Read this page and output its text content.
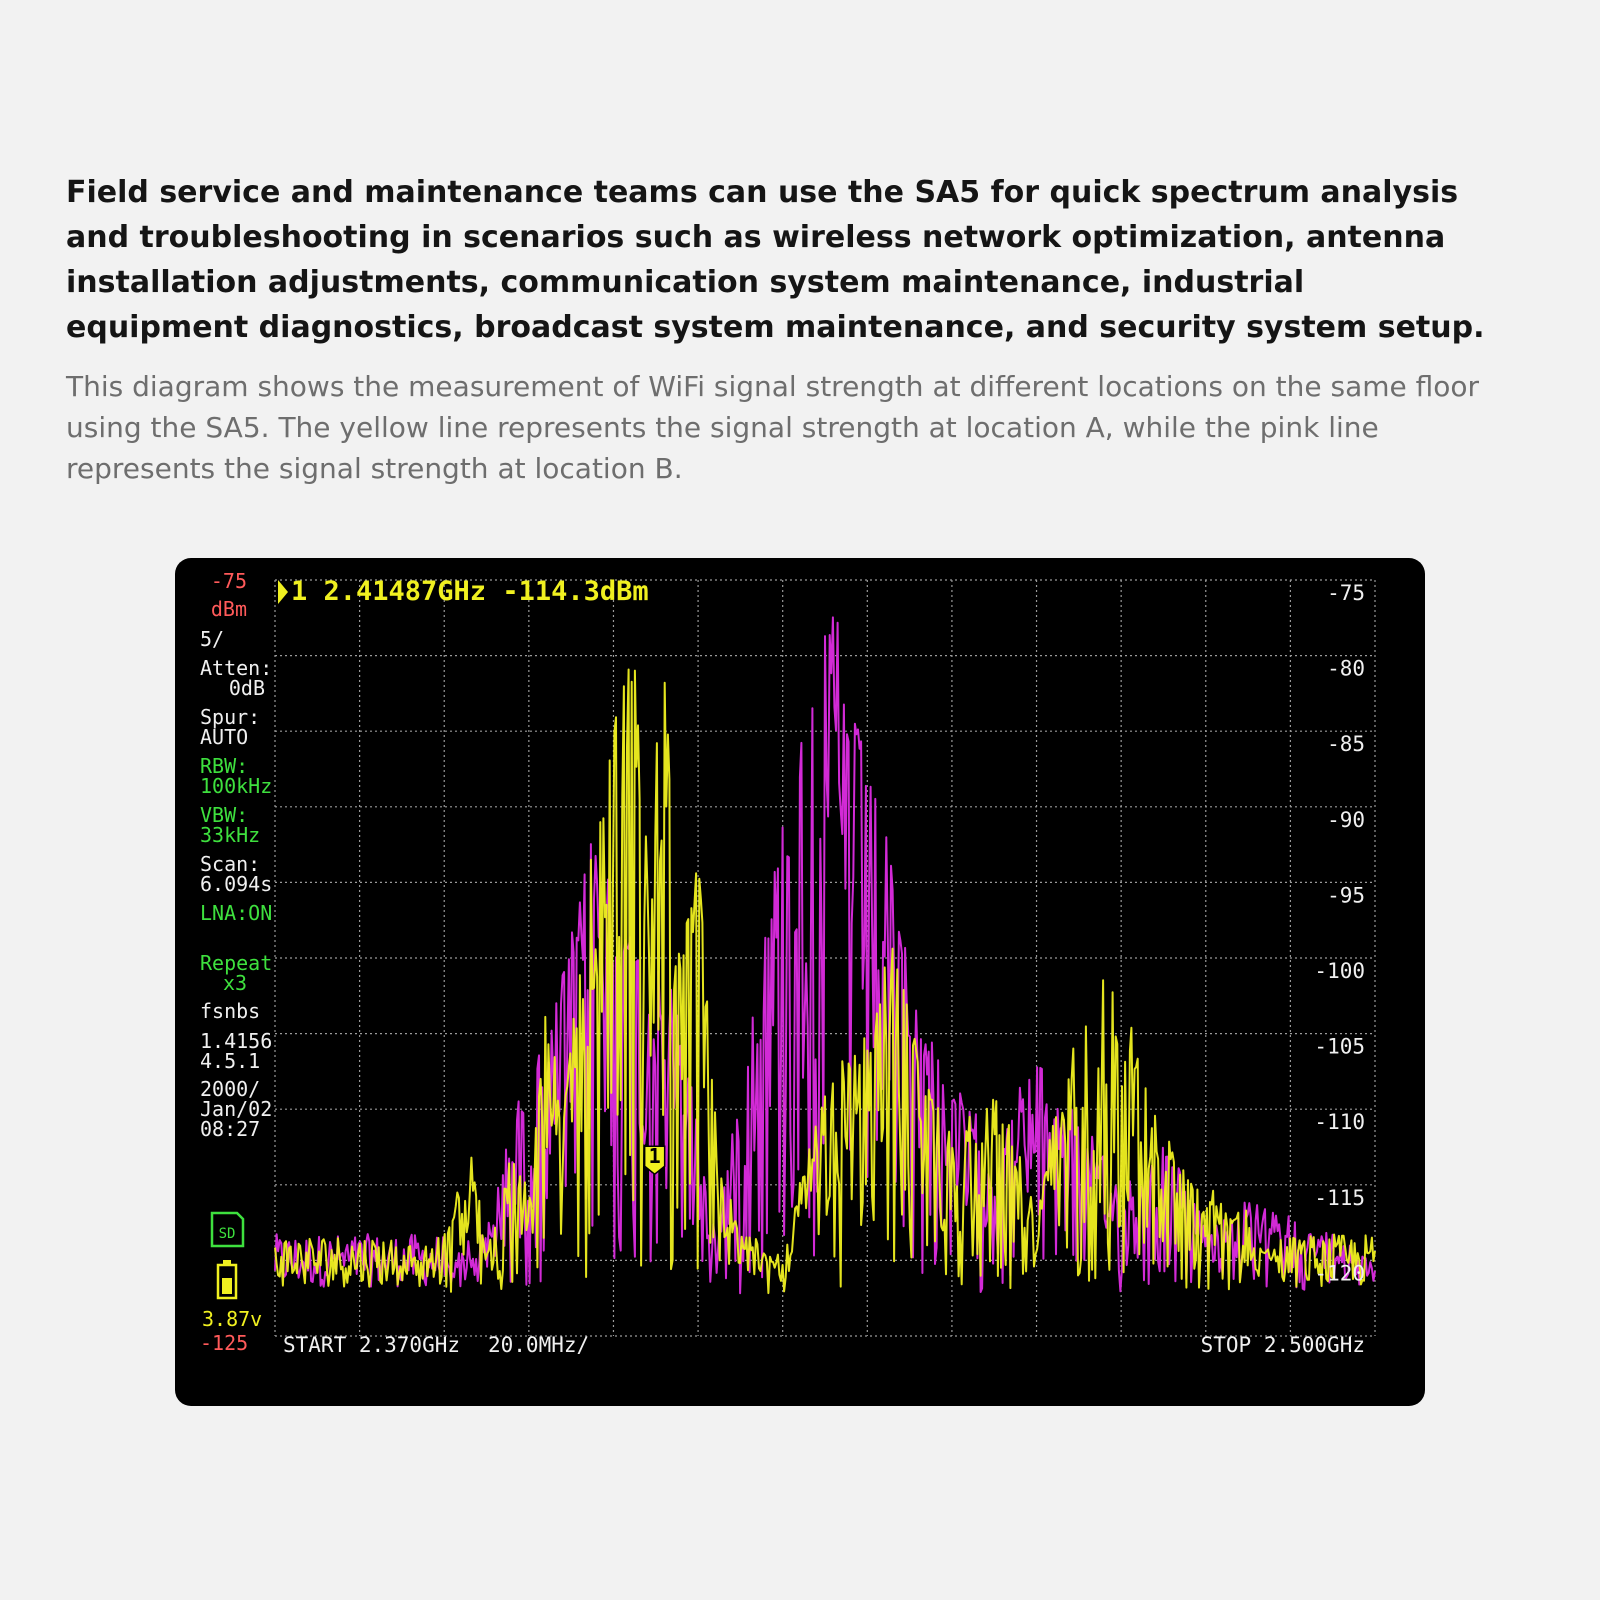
Field service and maintenance teams can use the SA5 for quick spectrum analysis and troubleshooting in scenarios such as wireless network optimization, antenna installation adjustments, communication system maintenance, industrial equipment diagnostics, broadcast system maintenance, and security system setup.

This diagram shows the measurement of WiFi signal strength at different locations on the same floor using the SA5. The yellow line represents the signal strength at location A, while the pink line represents the signal strength at location B.

-75
-80
-85
-90
-95
-100
-105
-110
-115
-120
1
1 2.41487GHz -114.3dBm
-75
dBm
5/
Atten:
0dB
Spur:
AUTO
RBW:
100kHz
VBW:
33kHz
Scan:
6.094s
LNA:ON
Repeat
x3
fsnbs
1.4156
4.5.1
2000/
Jan/02
08:27
SD
3.87v
-125 START 2.370GHz 20.0MHz/	STOP 2.500GHz
